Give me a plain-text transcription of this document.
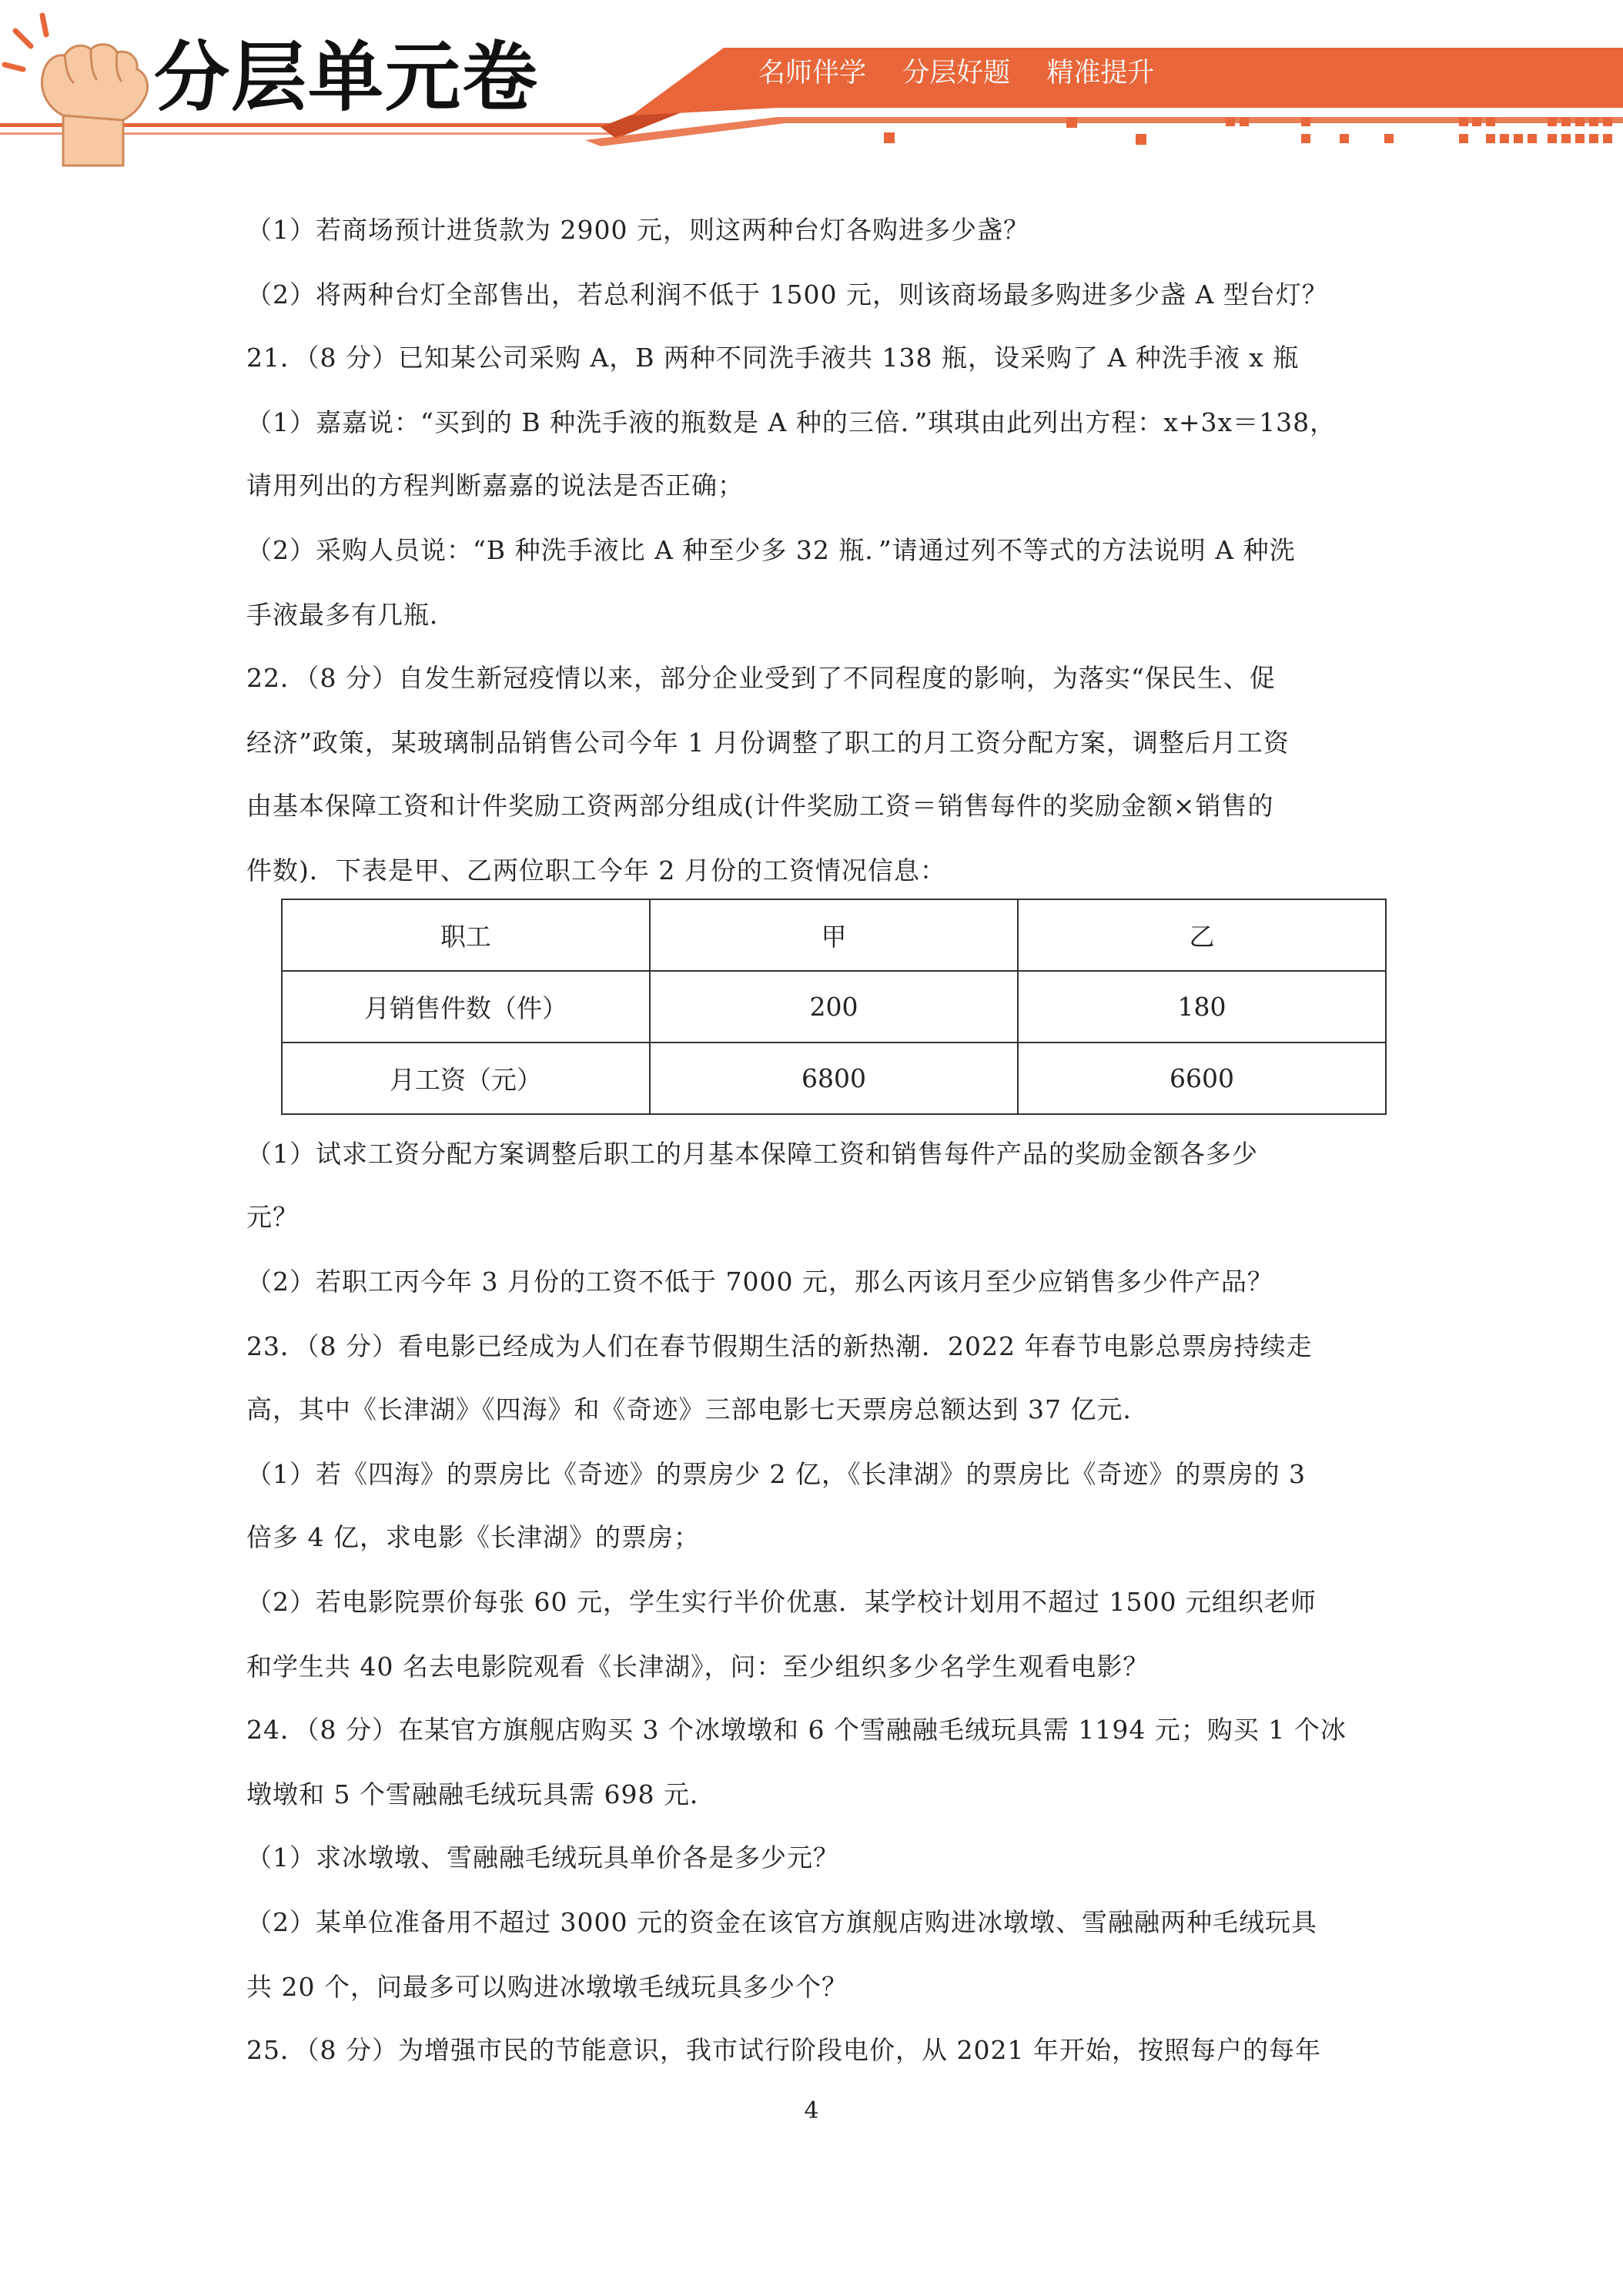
分层单元卷	名师伴学 分层好题 精准提升
（1）若商场预计进货款为 2900 元，则这两种台灯各购进多少盏？
（2）将两种台灯全部售出，若总利润不低于 1500 元，则该商场最多购进多少盏 A 型台灯？
21．（8 分）已知某公司采购 A，B 两种不同洗手液共 138 瓶，设采购了 A 种洗手液 x 瓶
（1）嘉嘉说：“买到的 B 种洗手液的瓶数是 A 种的三倍．”琪琪由此列出方程：x+3x＝138，
请用列出的方程判断嘉嘉的说法是否正确；
（2）采购人员说：“B 种洗手液比 A 种至少多 32 瓶．”请通过列不等式的方法说明 A 种洗
手液最多有几瓶．
22．（8 分）自发生新冠疫情以来，部分企业受到了不同程度的影响，为落实“保民生、促
经济”政策，某玻璃制品销售公司今年 1 月份调整了职工的月工资分配方案，调整后月工资
由基本保障工资和计件奖励工资两部分组成(计件奖励工资＝销售每件的奖励金额×销售的
件数)．下表是甲、乙两位职工今年 2 月份的工资情况信息：
（1）试求工资分配方案调整后职工的月基本保障工资和销售每件产品的奖励金额各多少
元？
（2）若职工丙今年 3 月份的工资不低于 7000 元，那么丙该月至少应销售多少件产品？
23．（8 分）看电影已经成为人们在春节假期生活的新热潮．2022 年春节电影总票房持续走
高，其中《长津湖》《四海》和《奇迹》三部电影七天票房总额达到 37 亿元．
（1）若《四海》的票房比《奇迹》的票房少 2 亿，《长津湖》的票房比《奇迹》的票房的 3
倍多 4 亿，求电影《长津湖》的票房；
（2）若电影院票价每张 60 元，学生实行半价优惠．某学校计划用不超过 1500 元组织老师
和学生共 40 名去电影院观看《长津湖》，问：至少组织多少名学生观看电影？
24．（8 分）在某官方旗舰店购买 3 个冰墩墩和 6 个雪融融毛绒玩具需 1194 元；购买 1 个冰
墩墩和 5 个雪融融毛绒玩具需 698 元．
（1）求冰墩墩、雪融融毛绒玩具单价各是多少元？
（2）某单位准备用不超过 3000 元的资金在该官方旗舰店购进冰墩墩、雪融融两种毛绒玩具
共 20 个，问最多可以购进冰墩墩毛绒玩具多少个？
25．（8 分）为增强市民的节能意识，我市试行阶段电价，从 2021 年开始，按照每户的每年
职工	甲	乙
月销售件数（件）	200	180
月工资（元）	6800	6600
4
